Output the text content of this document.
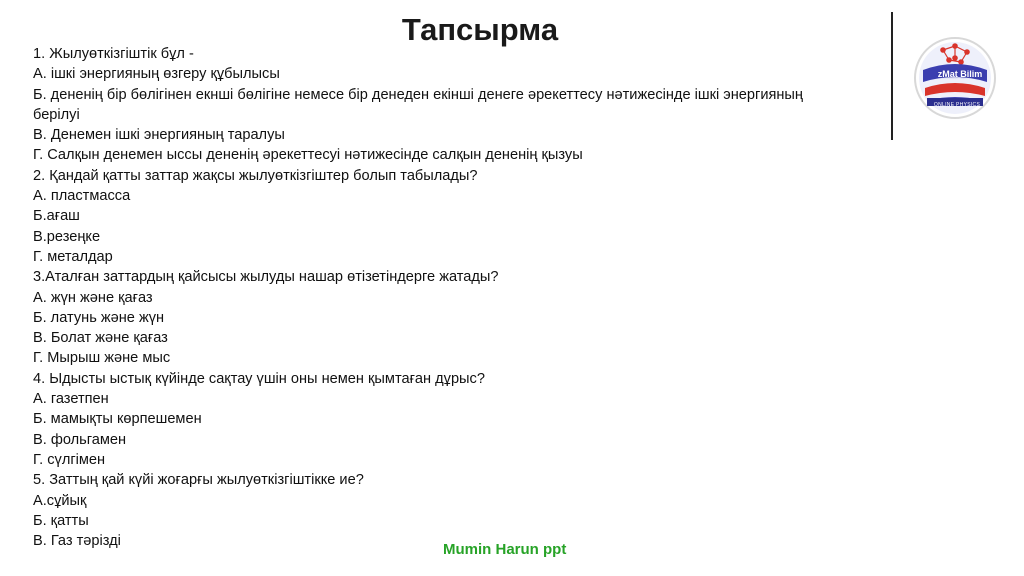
Тапсырма
zMat Bilim
ONLINE PHYSICS
1. Жылуөткізгіштік бұл -
А. ішкі энергияның өзгеру құбылысы
Б. дененің бір бөлігінен екнші бөлігіне немесе бір денеден екінші денеге әрекеттесу нәтижесінде ішкі энергияның
берілуі
В. Денемен ішкі энергияның таралуы
Г. Салқын денемен ыссы дененің әрекеттесуі нәтижесінде салқын дененің қызуы
2. Қандай қатты заттар жақсы жылуөткізгіштер болып табылады?
А. пластмасса
Б.ағаш
В.резеңке
Г. металдар
3.Аталған заттардың қайсысы жылуды нашар өтізетіндерге жатады?
А. жүн және қағаз
Б. латунь және жүн
В. Болат және қағаз
Г. Мырыш және мыс
4. Ыдысты ыстық күйінде сақтау үшін оны немен қымтаған дұрыс?
А. газетпен
Б. мамықты көрпешемен
В. фольгамен
Г. сүлгімен
5. Заттың қай күйі жоғарғы жылуөткізгіштікке ие?
А.сұйық
Б. қатты
В. Газ тәрізді	Mumin Harun ppt
